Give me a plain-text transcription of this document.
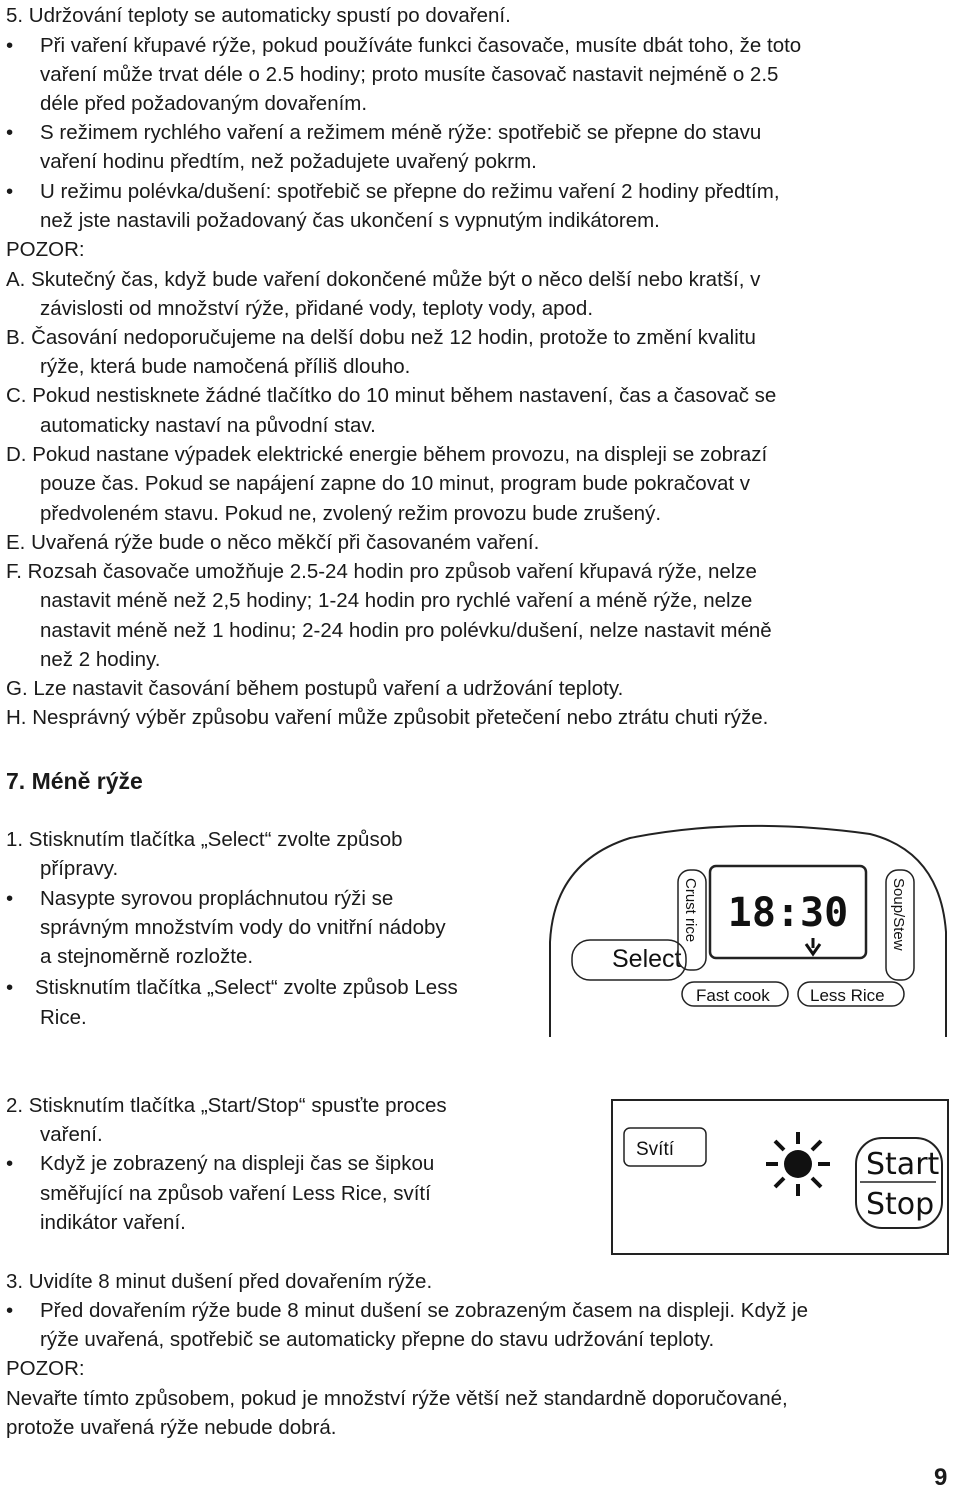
5. Udržování teploty se automaticky spustí po dovaření.
• Při vaření křupavé rýže, pokud používáte funkci časovače, musíte dbát toho, že toto
vaření může trvat déle o 2.5 hodiny; proto musíte časovač nastavit nejméně o 2.5
déle před požadovaným dovařením.
• S režimem rychlého vaření a režimem méně rýže: spotřebič se přepne do stavu
vaření hodinu předtím, než požadujete uvařený pokrm.
• U režimu polévka/dušení: spotřebič se přepne do režimu vaření 2 hodiny předtím,
než jste nastavili požadovaný čas ukončení s vypnutým indikátorem.
POZOR:
A. Skutečný čas, když bude vaření dokončené může být o něco delší nebo kratší, v
závislosti od množství rýže, přidané vody, teploty vody, apod.
B. Časování nedoporučujeme na delší dobu než 12 hodin, protože to změní kvalitu
rýže, která bude namočená příliš dlouho.
C. Pokud nestisknete žádné tlačítko do 10 minut během nastavení, čas a časovač se
automaticky nastaví na původní stav.
D. Pokud nastane výpadek elektrické energie během provozu, na displeji se zobrazí
pouze čas. Pokud se napájení zapne do 10 minut, program bude pokračovat v
předvoleném stavu. Pokud ne, zvolený režim provozu bude zrušený.
E. Uvařená rýže bude o něco měkčí při časovaném vaření.
F. Rozsah časovače umožňuje 2.5-24 hodin pro způsob vaření křupavá rýže, nelze
nastavit méně než 2,5 hodiny; 1-24 hodin pro rychlé vaření a méně rýže, nelze
nastavit méně než 1 hodinu; 2-24 hodin pro polévku/dušení, nelze nastavit méně
než 2 hodiny.
G. Lze nastavit časování během postupů vaření a udržování teploty.
H. Nesprávný výběr způsobu vaření může způsobit přetečení nebo ztrátu chuti rýže.
7. Méně rýže
1. Stisknutím tlačítka „Select“ zvolte způsob
přípravy.
• Nasypte syrovou propláchnutou rýži se
správným množstvím vody do vnitřní nádoby
a stejnoměrně rozložte.
• Stisknutím tlačítka „Select“ zvolte způsob Less
Rice.
2. Stisknutím tlačítka „Start/Stop“ spusťte proces
vaření.
• Když je zobrazený na displeji čas se šipkou
směřující na způsob vaření Less Rice, svítí
indikátor vaření.
3. Uvidíte 8 minut dušení před dovařením rýže.
• Před dovařením rýže bude 8 minut dušení se zobrazeným časem na displeji. Když je
rýže uvařená, spotřebič se automaticky přepne do stavu udržování teploty.
POZOR:
Nevařte tímto způsobem, pokud je množství rýže větší než standardně doporučované,
protože uvařená rýže nebude dobrá.
18:30
Select
Crust rice	Soup/Stew
Fast cook Less Rice
Svítí	Start
Stop
9
